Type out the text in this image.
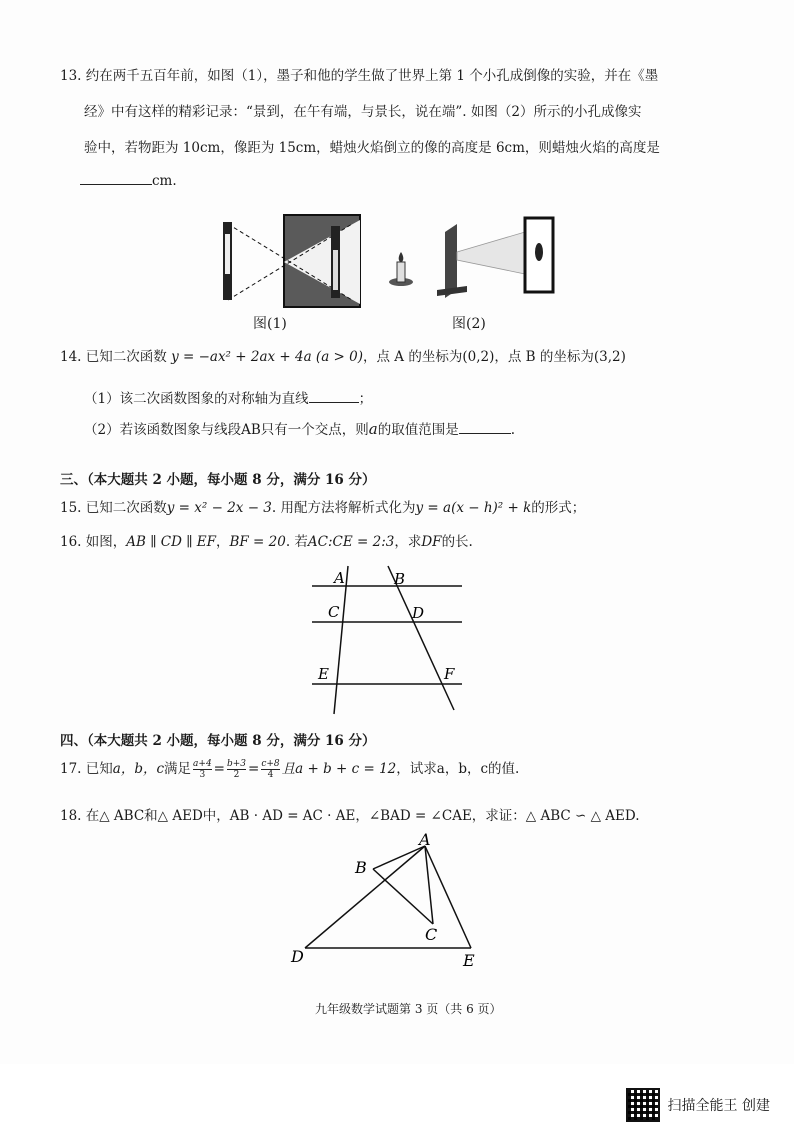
13. 约在两千五百年前，如图（1），墨子和他的学生做了世界上第 1 个小孔成倒像的实验，并在《墨
经》中有这样的精彩记录：“景到，在午有端，与景长，说在端”. 如图（2）所示的小孔成像实
验中，若物距为 10cm，像距为 15cm，蜡烛火焰倒立的像的高度是 6cm，则蜡烛火焰的高度是
cm.
图(1)	图(2)
14. 已知二次函数 y = −ax² + 2ax + 4a (a > 0)，点 A 的坐标为(0,2)，点 B 的坐标为(3,2)
（1）该二次函数图象的对称轴为直线	；
（2）若该函数图象与线段AB只有一个交点，则a的取值范围是	.
三、（本大题共 2 小题，每小题 8 分，满分 16 分）
15. 已知二次函数y = x² − 2x − 3. 用配方法将解析式化为y = a(x − h)² + k的形式；
16. 如图，AB ∥ CD ∥ EF，BF = 20. 若AC:CE = 2:3，求DF的长.
A	B
C	D
E	F
四、（本大题共 2 小题，每小题 8 分，满分 16 分）
17. 已知 a，b，c 满足 $\frac{a+4}{3} = \frac{b+3}{2} = \frac{c+8}{4}$ 且a + b + c = 12 ，试求a，b，c的值.
18. 在△ ABC和△ AED中，AB · AD = AC · AE，∠BAD = ∠CAE，求证：△ ABC ∽ △ AED.
A
B
C
D	E
九年级数学试题第 3 页（共 6 页）
扫描全能王 创建
